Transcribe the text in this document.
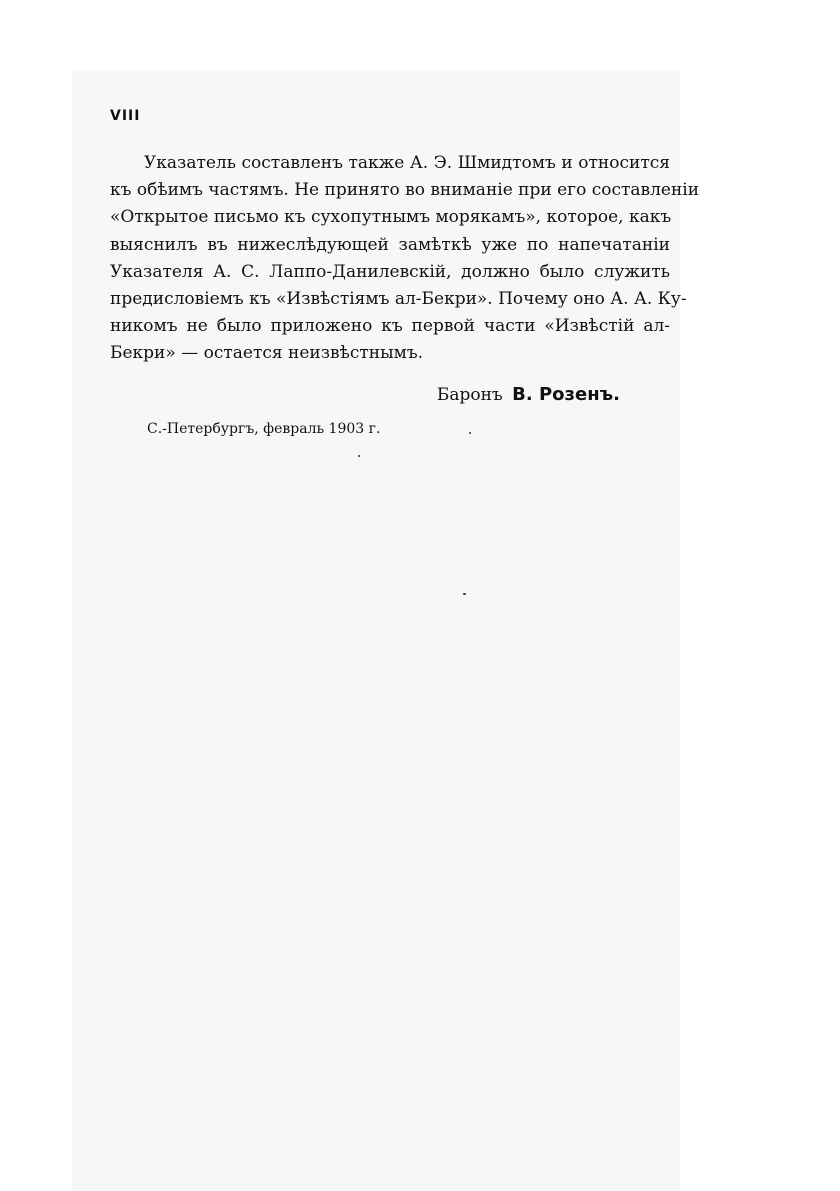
VIII
Указатель составленъ также А. Э. Шмидтомъ и относится
къ обѣимъ частямъ. Не принято во вниманіе при его составленіи
«Открытое письмо къ сухопутнымъ морякамъ», которое, какъ
выяснилъ въ нижеслѣдующей замѣткѣ уже по напечатаніи
Указателя А. С. Лаппо-Данилевскій, должно было служить
предисловіемъ къ «Извѣстіямъ ал-Бекри». Почему оно А. А. Ку-
никомъ не было приложено къ первой части «Извѣстій ал-
Бекри» — остается неизвѣстнымъ.
Баронъ В. Розенъ.
С.-Петербургъ, февраль 1903 г.
